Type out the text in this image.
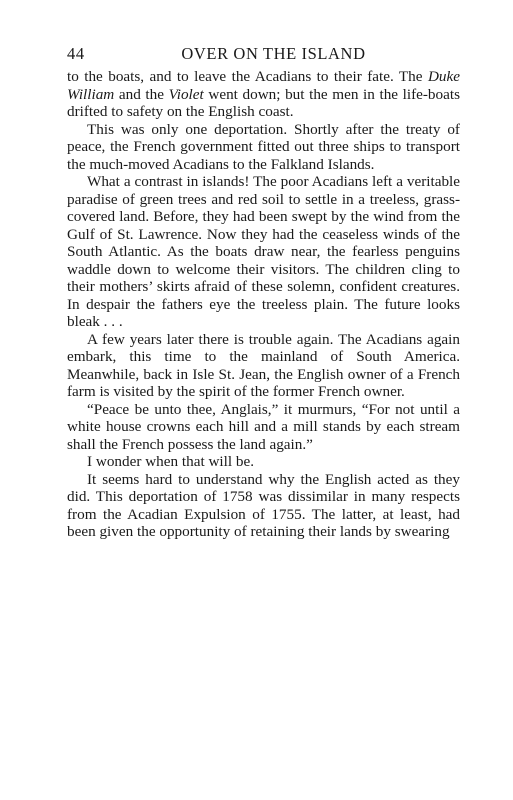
44	OVER ON THE ISLAND

to the boats, and to leave the Acadians to their fate. The Duke William and the Violet went down; but the men in the life-boats drifted to safety on the English coast.

This was only one deportation. Shortly after the treaty of peace, the French government fitted out three ships to transport the much-moved Acadians to the Falkland Islands.

What a contrast in islands! The poor Acadians left a veritable paradise of green trees and red soil to settle in a treeless, grass-covered land. Before, they had been swept by the wind from the Gulf of St. Lawrence. Now they had the ceaseless winds of the South Atlantic. As the boats draw near, the fearless penguins waddle down to welcome their visitors. The children cling to their mothers’ skirts afraid of these solemn, confident creatures. In despair the fathers eye the treeless plain. The future looks bleak . . .

A few years later there is trouble again. The Acadians again embark, this time to the mainland of South America. Meanwhile, back in Isle St. Jean, the English owner of a French farm is visited by the spirit of the former French owner.

“Peace be unto thee, Anglais,” it murmurs, “For not until a white house crowns each hill and a mill stands by each stream shall the French possess the land again.”

I wonder when that will be.

It seems hard to understand why the English acted as they did. This deportation of 1758 was dissimilar in many respects from the Acadian Expulsion of 1755. The latter, at least, had been given the opportunity of retaining their lands by swearing
